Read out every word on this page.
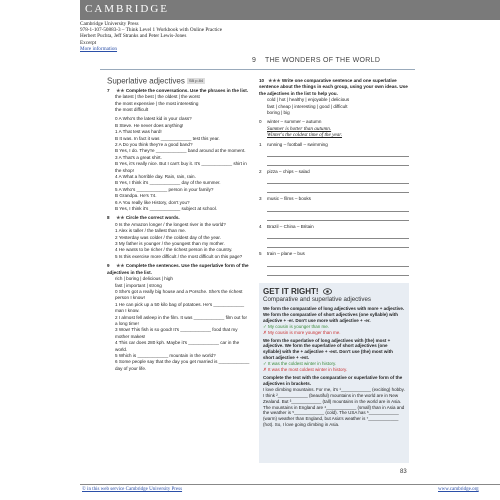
CAMBRIDGE
Cambridge University Press
978-1-107-50883-3 – Think Level 1 Workbook with Online Practice
Herbert Puchta, Jeff Stranks and Peter Lewis-Jones
Excerpt
More information
9 THE WONDERS OF THE WORLD
Superlative adjectives SB p.84
7 ★★ Complete the conversations. Use the phrases in the list.
the latest | the best | the oldest | the worst
the most expensive | the most interesting
the most difficult
0 A Who's the latest kid in your class?
B Steve. He never does anything!
1 A That test was hard!
B It was. In fact it was ____________ test this year.
2 A Do you think they're a good band?
B Yes, I do. They're ____________ band around at the moment.
3 A That's a great shirt.
B Yes, it's really nice. But I can't buy it. It's ____________ shirt in the shop!
4 A What a horrible day. Rain, rain, rain.
B Yes, I think it's ____________ day of the summer.
5 A Who's ____________ person in your family?
B Grandpa. He's 74.
6 A You really like History, don't you?
B Yes, I think it's ____________ subject at school.
8 ★★ Circle the correct words.
0 Is the Amazon longer / the longest river in the world?
1 Alex is taller / the tallest than me.
2 Yesterday was colder / the coldest day of the year.
3 My father is younger / the youngest than my mother.
4 He wants to be richer / the richest person in the country.
5 Is this exercise more difficult / the most difficult on this page?
9 ★★ Complete the sentences. Use the superlative form of the adjectives in the list.
rich | boring | delicious | high
fast | important | strong
0 She's got a really big house and a Porsche. She's the richest person I know!
1 He can pick up a 50 kilo bag of potatoes. He's ____________ man I know.
2 I almost fell asleep in the film. It was ____________ film out for a long time!
3 Wow! This fish is so good! It's ____________ food that my mother makes!
4 This car does 280 kph. Maybe it's ____________ car in the world.
5 Which is ____________ mountain in the world?
6 Some people say that the day you get married is ____________ day of your life.
10 ★★★ Write one comparative sentence and one superlative sentence about the things in each group, using your own ideas. Use the adjectives in the list to help you.
cold | hot | healthy | enjoyable | delicious
fast | cheap | interesting | good | difficult
boring | big
0	winter – summer – autumn
Summer is hotter than autumn.
Winter's the coldest time of the year.
1	running – football – swimming
2	pizza – chips – salad
3	music – films – books
4	Brazil – China – Britain
5	train – plane – bus
GET IT RIGHT!
Comparative and superlative adjectives
We form the comparative of long adjectives with more + adjective. We form the comparative of short adjectives (one syllable) with adjective + -er. Don't use more with adjective + -er.
✓ My cousin is younger than me.
✗ My cousin is more younger than me.
We form the superlative of long adjectives with (the) most + adjective. We form the superlative of short adjectives (one syllable) with the + adjective + -est. Don't use (the) most with short adjective + -est.
✓ It was the coldest winter in history.
✗ It was the most coldest winter in history.
Complete the text with the comparative or superlative form of the adjectives in brackets.
I love climbing mountains. For me, it's ¹____________ (exciting) hobby. I think ²____________ (beautiful) mountains in the world are in New Zealand. But ³____________ (tall) mountains in the world are in Asia. The mountains in England are ⁴____________ (small) than in Asia and the weather is ⁵____________ (cold). The USA has ⁶____________ (warm) weather than England, but Asia's weather is ⁷____________ (hot). So, I love going climbing in Asia.
83
© in this web service Cambridge University Press	www.cambridge.org
